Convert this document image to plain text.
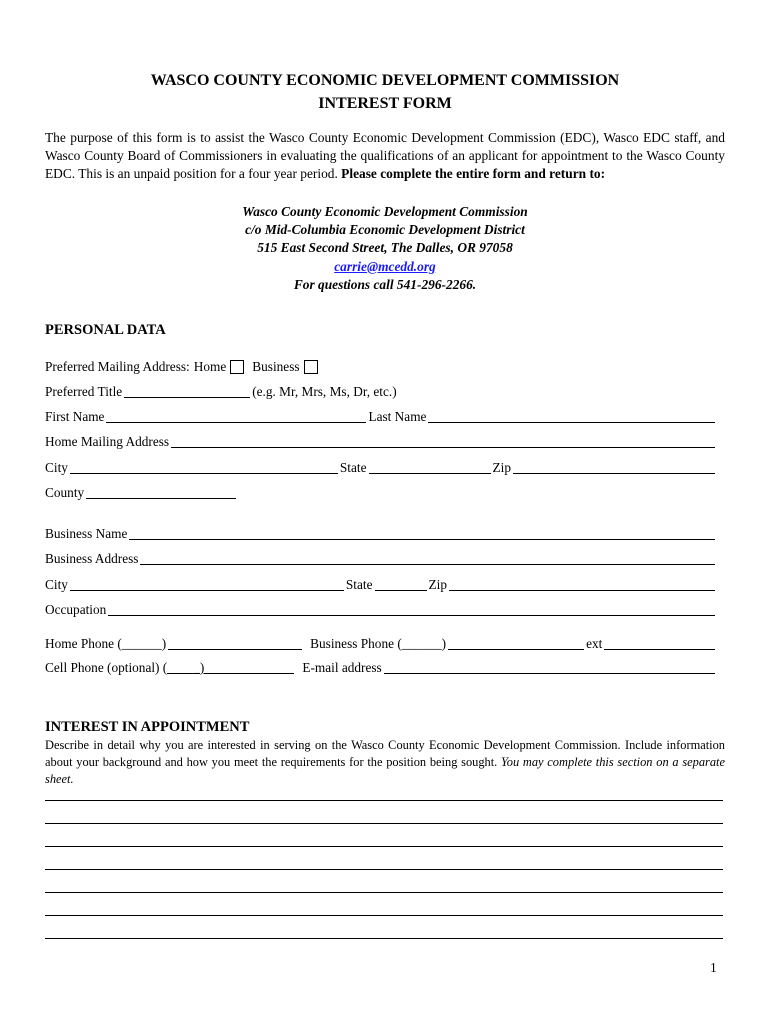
WASCO COUNTY ECONOMIC DEVELOPMENT COMMISSION
INTEREST FORM
The purpose of this form is to assist the Wasco County Economic Development Commission (EDC), Wasco EDC staff, and Wasco County Board of Commissioners in evaluating the qualifications of an applicant for appointment to the Wasco County EDC. This is an unpaid position for a four year period. Please complete the entire form and return to:
Wasco County Economic Development Commission
c/o Mid-Columbia Economic Development District
515 East Second Street, The Dalles, OR 97058
carrie@mcedd.org
For questions call 541-296-2266.
PERSONAL DATA
Preferred Mailing Address: Home Business
Preferred Title	(e.g. Mr, Mrs, Ms, Dr, etc.)
First Name	Last Name
Home Mailing Address
City	State	Zip
County
Business Name
Business Address
City	State	Zip
Occupation
Home Phone (______)	Business Phone (______)	ext
Cell Phone (optional) ( _ )	E-mail address
INTEREST IN APPOINTMENT
Describe in detail why you are interested in serving on the Wasco County Economic Development Commission. Include information about your background and how you meet the requirements for the position being sought. You may complete this section on a separate sheet.
1
